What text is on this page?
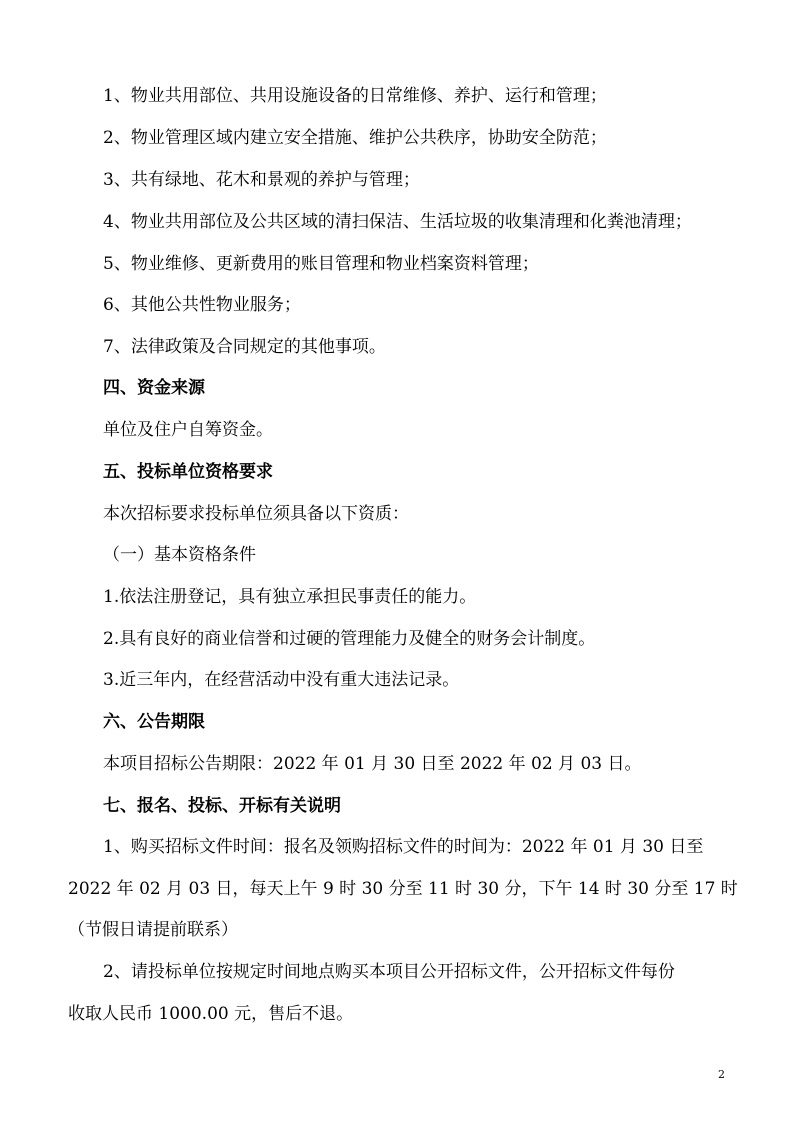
1、物业共用部位、共用设施设备的日常维修、养护、运行和管理；
2、物业管理区域内建立安全措施、维护公共秩序，协助安全防范；
3、共有绿地、花木和景观的养护与管理；
4、物业共用部位及公共区域的清扫保洁、生活垃圾的收集清理和化粪池清理；
5、物业维修、更新费用的账目管理和物业档案资料管理；
6、其他公共性物业服务；
7、法律政策及合同规定的其他事项。
四、资金来源
单位及住户自筹资金。
五、投标单位资格要求
本次招标要求投标单位须具备以下资质：
（一）基本资格条件
1.依法注册登记，具有独立承担民事责任的能力。
2.具有良好的商业信誉和过硬的管理能力及健全的财务会计制度。
3.近三年内，在经营活动中没有重大违法记录。
六、公告期限
本项目招标公告期限：2022 年 01 月 30 日至 2022 年 02 月 03 日。
七、报名、投标、开标有关说明
1、购买招标文件时间：报名及领购招标文件的时间为：2022 年 01 月 30 日至
2022 年 02 月 03 日，每天上午 9 时 30 分至 11 时 30 分，下午 14 时 30 分至 17 时
（节假日请提前联系）
2、请投标单位按规定时间地点购买本项目公开招标文件，公开招标文件每份
收取人民币 1000.00 元，售后不退。
2
